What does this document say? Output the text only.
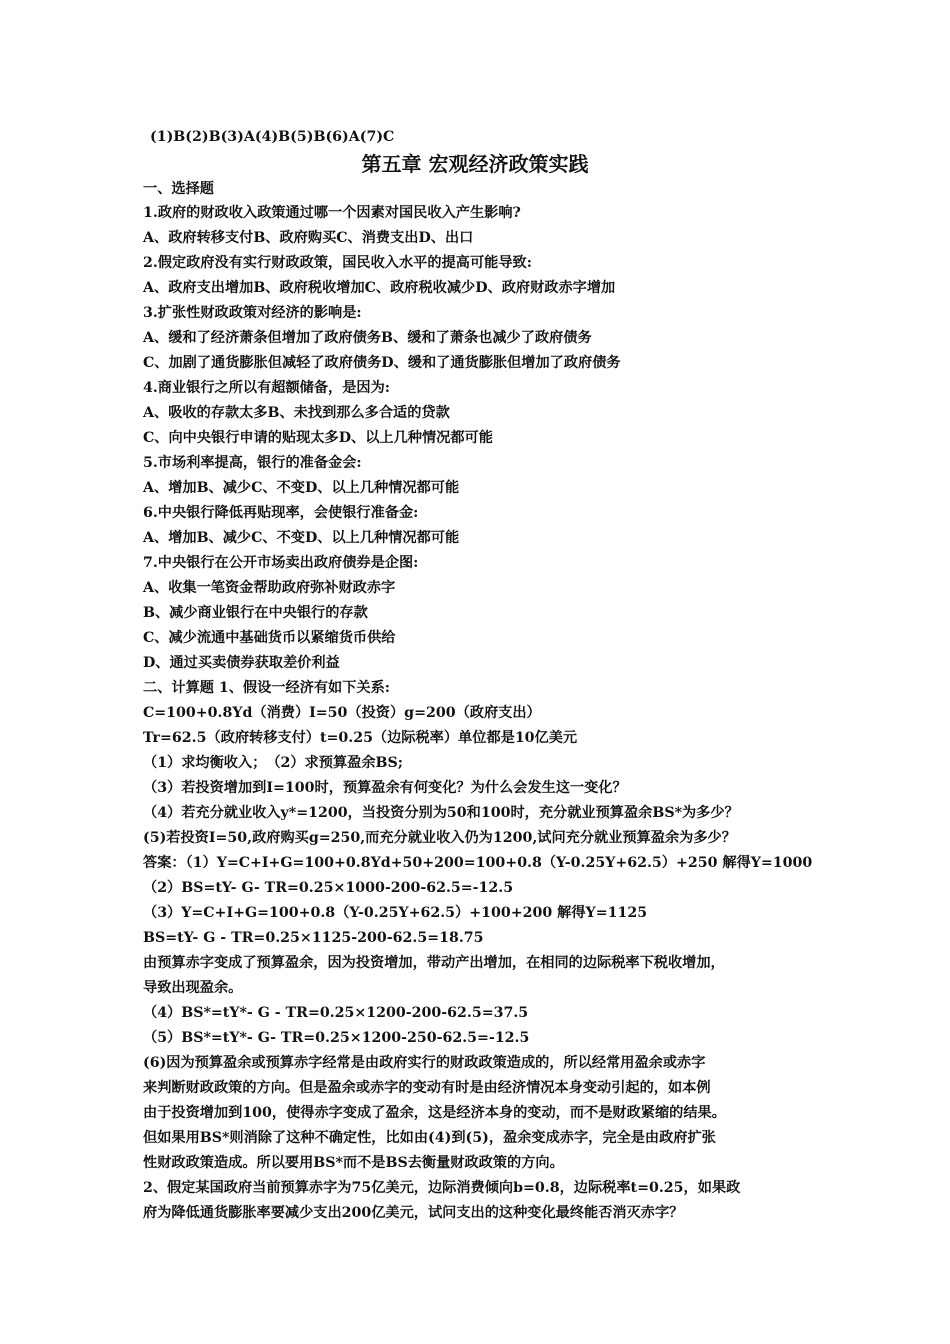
(1)B(2)B(3)A(4)B(5)B(6)A(7)C
第五章 宏观经济政策实践
一、选择题
1.政府的财政收入政策通过哪一个因素对国民收入产生影响?
A、政府转移支付B、政府购买C、消费支出D、出口
2.假定政府没有实行财政政策，国民收入水平的提高可能导致:
A、政府支出增加B、政府税收增加C、政府税收减少D、政府财政赤字增加
3.扩张性财政政策对经济的影响是:
A、缓和了经济萧条但增加了政府债务B、缓和了萧条也减少了政府债务
C、加剧了通货膨胀但减轻了政府债务D、缓和了通货膨胀但增加了政府债务
4.商业银行之所以有超额储备，是因为:
A、吸收的存款太多B、未找到那么多合适的贷款
C、向中央银行申请的贴现太多D、以上几种情况都可能
5.市场利率提高，银行的准备金会:
A、增加B、减少C、不变D、以上几种情况都可能
6.中央银行降低再贴现率，会使银行准备金:
A、增加B、减少C、不变D、以上几种情况都可能
7.中央银行在公开市场卖出政府债券是企图:
A、收集一笔资金帮助政府弥补财政赤字
B、减少商业银行在中央银行的存款
C、减少流通中基础货币以紧缩货币供给
D、通过买卖债券获取差价利益
二、计算题 1、假设一经济有如下关系:
C=100+0.8Yd（消费）I=50（投资）g=200（政府支出）
Tr=62.5（政府转移支付）t=0.25（边际税率）单位都是10亿美元
（1）求均衡收入；　（2）求预算盈余BS;
（3）若投资增加到I=100时，预算盈余有何变化？为什么会发生这一变化？
（4）若充分就业收入y*=1200，当投资分别为50和100时，充分就业预算盈余BS*为多少？
(5)若投资I=50,政府购买g=250,而充分就业收入仍为1200,试问充分就业预算盈余为多少？
答案：（1）Y=C+I+G=100+0.8Yd+50+200=100+0.8（Y-0.25Y+62.5）+250 解得Y=1000
（2）BS=tY- G- TR=0.25×1000-200-62.5=-12.5
（3）Y=C+I+G=100+0.8（Y-0.25Y+62.5）+100+200 解得Y=1125
BS=tY- G - TR=0.25×1125-200-62.5=18.75
由预算赤字变成了预算盈余，因为投资增加，带动产出增加，在相同的边际税率下税收增加，
导致出现盈余。
（4）BS*=tY*- G - TR=0.25×1200-200-62.5=37.5
（5）BS*=tY*- G- TR=0.25×1200-250-62.5=-12.5
(6)因为预算盈余或预算赤字经常是由政府实行的财政政策造成的，所以经常用盈余或赤字
来判断财政政策的方向。但是盈余或赤字的变动有时是由经济情况本身变动引起的，如本例
由于投资增加到100，使得赤字变成了盈余，这是经济本身的变动，而不是财政紧缩的结果。
但如果用BS*则消除了这种不确定性，比如由(4)到(5)，盈余变成赤字，完全是由政府扩张
性财政政策造成。所以要用BS*而不是BS去衡量财政政策的方向。
2、假定某国政府当前预算赤字为75亿美元，边际消费倾向b=0.8，边际税率t=0.25，如果政
府为降低通货膨胀率要减少支出200亿美元，试问支出的这种变化最终能否消灭赤字？
